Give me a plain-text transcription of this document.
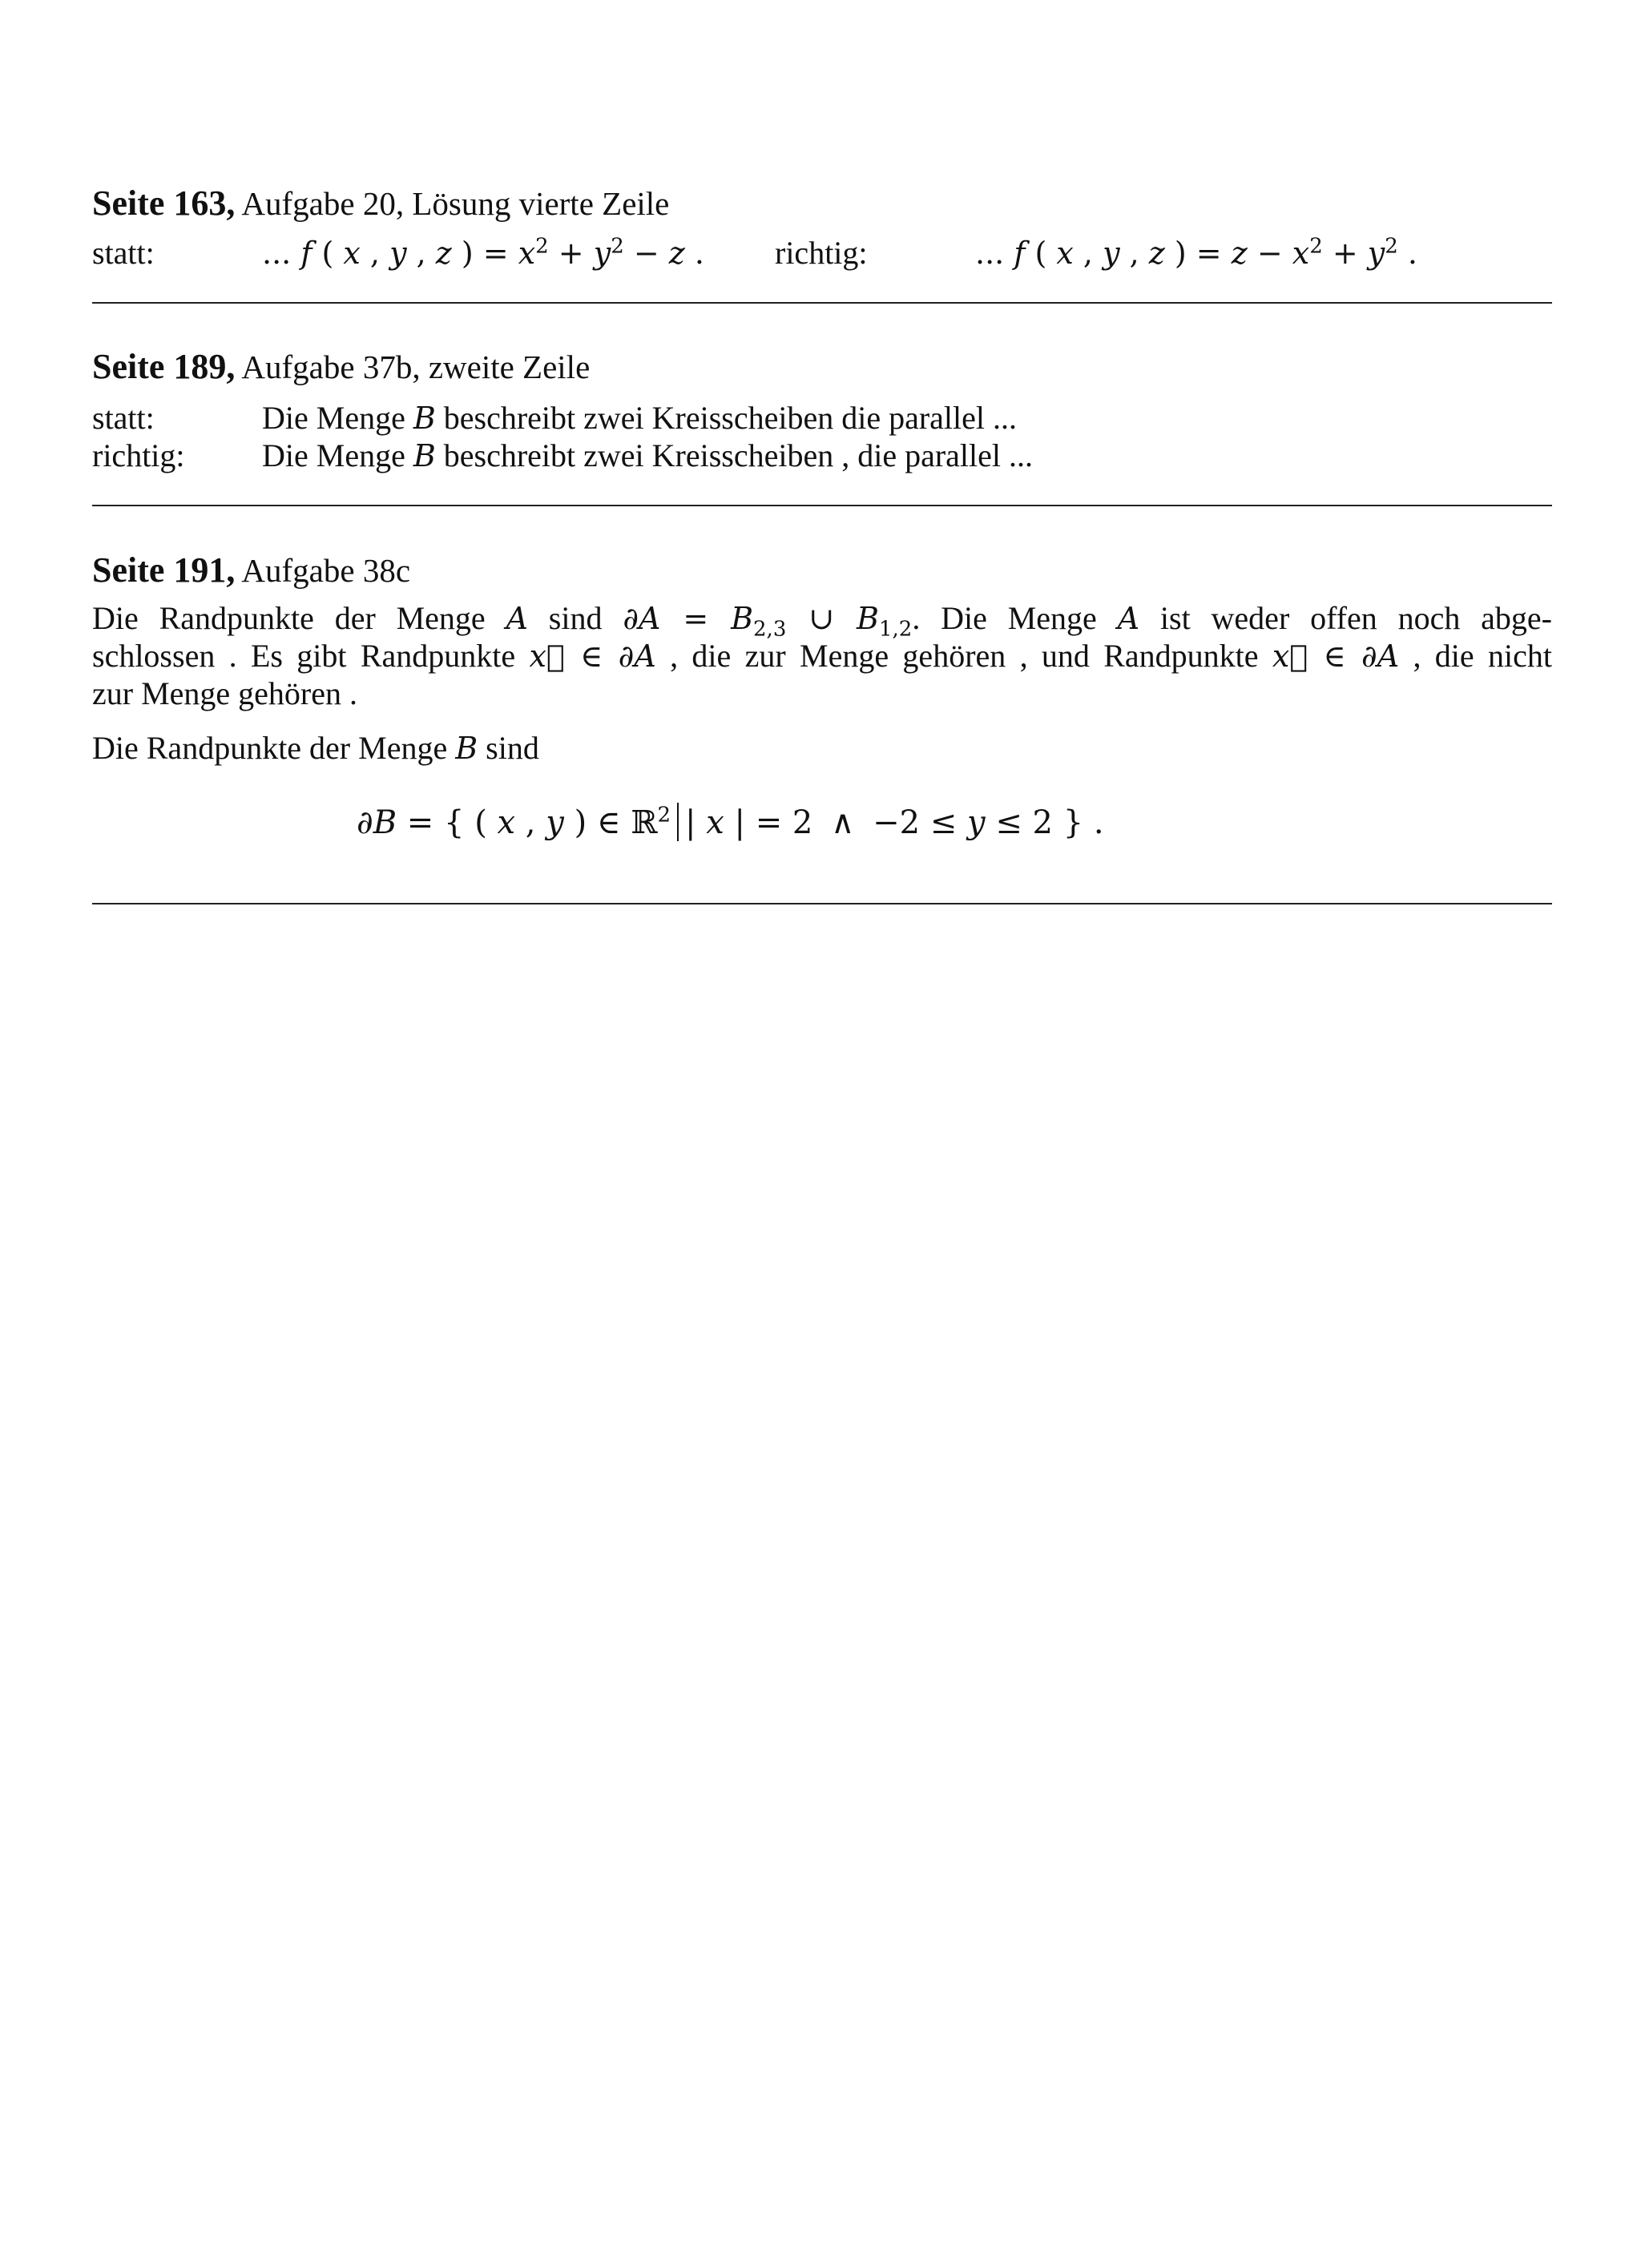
Seite 163, Aufgabe 20, Lösung vierte Zeile
statt:	... f ( x , y , z ) = $x^2 + y^2 - z$ . richtig:	... f ( x , y , z ) = $z - x^2 + y^2$ .
Seite 189, Aufgabe 37b, zweite Zeile
statt:	Die Menge B beschreibt zwei Kreisscheiben die parallel ...
richtig: Die Menge B beschreibt zwei Kreisscheiben , die parallel ...
Seite 191, Aufgabe 38c
Die Randpunkte der Menge A sind $\partial A = B_{2,3}$ ∪ $B_{1,2}$. Die Menge A ist weder offen noch abge-
schlossen . Es gibt Randpunkte x⃗ ∈ ∂A , die zur Menge gehören , und Randpunkte x⃗ ∈ ∂A , die nicht
zur Menge gehören .
Die Randpunkte der Menge B sind
∂B = { ( x , y ) ∈ ℝ$^2$ | x | = 2 ∧ −2 ≤ y ≤ 2 } .
